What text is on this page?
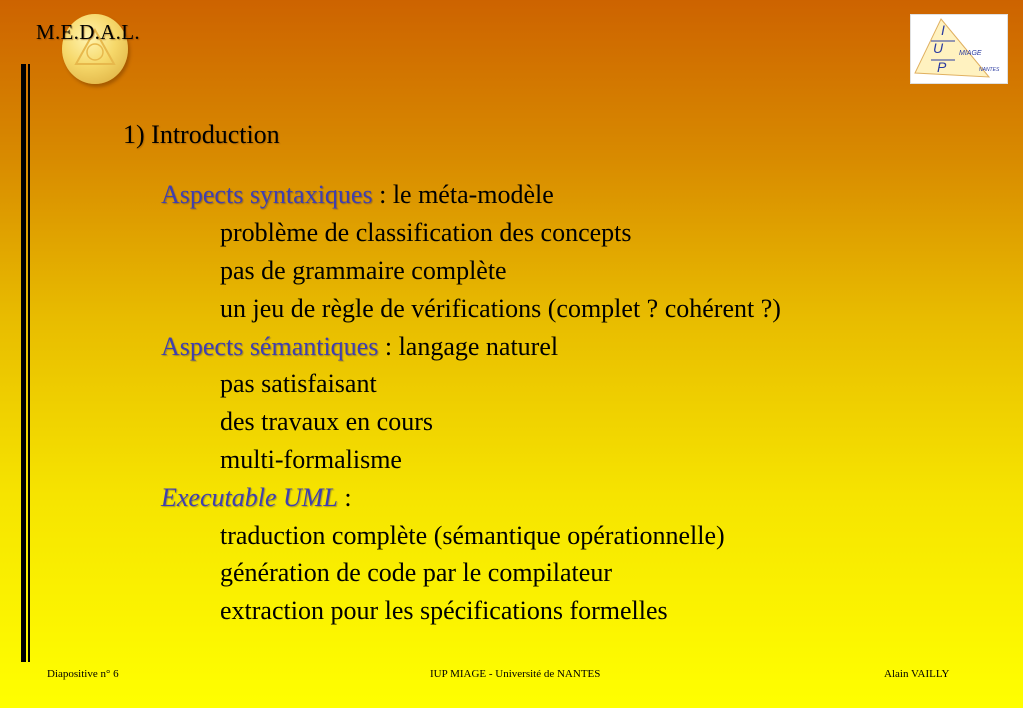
M.E.D.A.L.	I
U
P
MIAGE
NANTES
1) Introduction
Aspects syntaxiques : le méta-modèle
problème de classification des concepts
pas de grammaire complète
un jeu de règle de vérifications (complet ? cohérent ?)
Aspects sémantiques : langage naturel
pas satisfaisant
des travaux en cours
multi-formalisme
Executable UML :
traduction complète (sémantique opérationnelle)
génération de code par le compilateur
extraction pour les spécifications formelles
Diapositive n° 6	IUP MIAGE - Université de NANTES	Alain VAILLY
